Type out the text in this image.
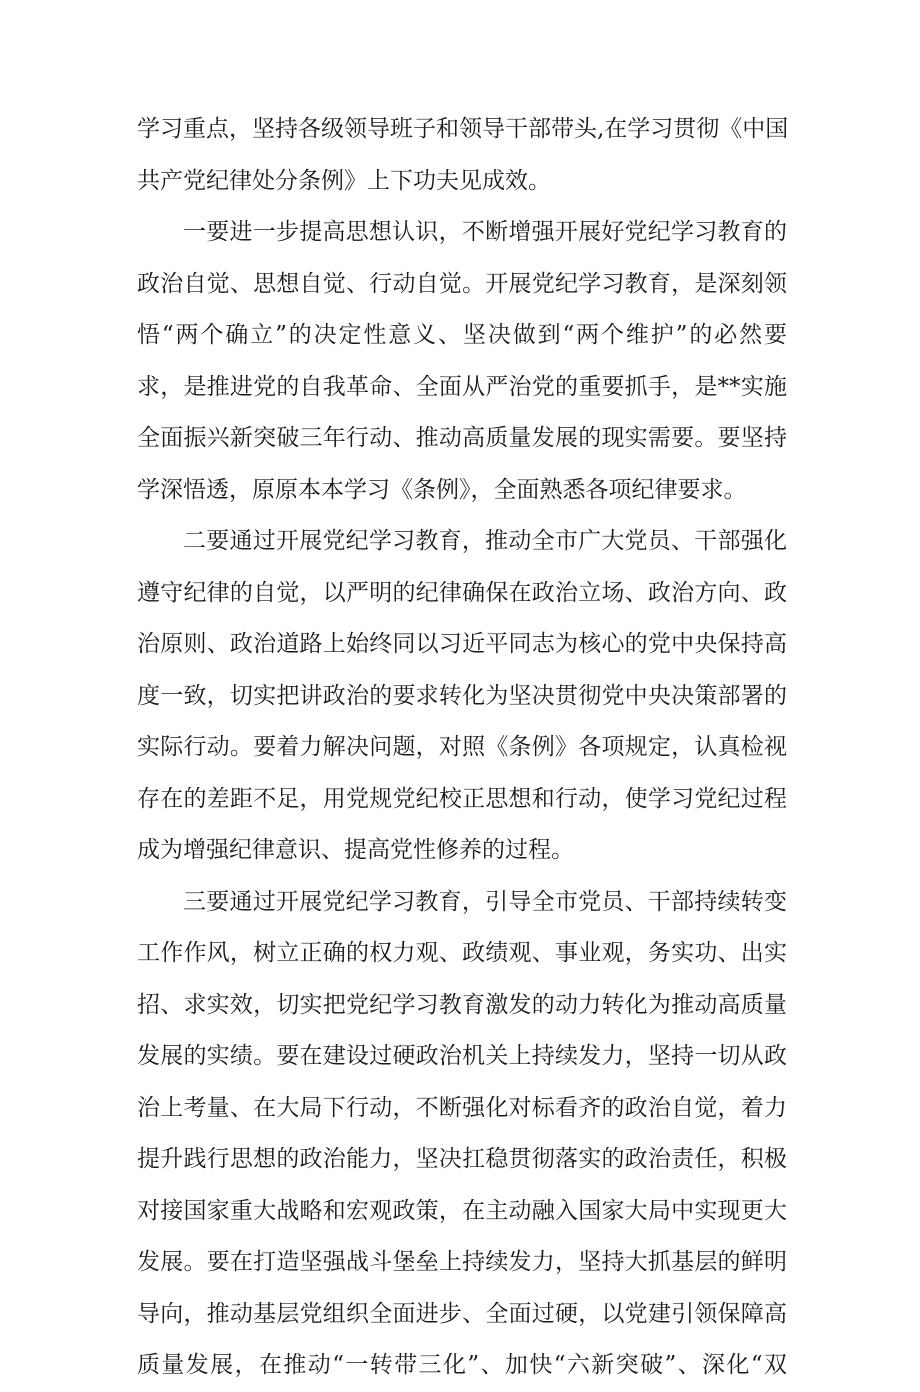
学习重点，坚持各级领导班子和领导干部带头,在学习贯彻《中国
共产党纪律处分条例》上下功夫见成效。
一要进一步提高思想认识，不断增强开展好党纪学习教育的
政治自觉、思想自觉、行动自觉。开展党纪学习教育，是深刻领
悟“两个确立”的决定性意义、坚决做到“两个维护”的必然要
求，是推进党的自我革命、全面从严治党的重要抓手，是**实施
全面振兴新突破三年行动、推动高质量发展的现实需要。要坚持
学深悟透，原原本本学习《条例》，全面熟悉各项纪律要求。
二要通过开展党纪学习教育，推动全市广大党员、干部强化
遵守纪律的自觉，以严明的纪律确保在政治立场、政治方向、政
治原则、政治道路上始终同以习近平同志为核心的党中央保持高
度一致，切实把讲政治的要求转化为坚决贯彻党中央决策部署的
实际行动。要着力解决问题，对照《条例》各项规定，认真检视
存在的差距不足，用党规党纪校正思想和行动，使学习党纪过程
成为增强纪律意识、提高党性修养的过程。
三要通过开展党纪学习教育，引导全市党员、干部持续转变
工作作风，树立正确的权力观、政绩观、事业观，务实功、出实
招、求实效，切实把党纪学习教育激发的动力转化为推动高质量
发展的实绩。要在建设过硬政治机关上持续发力，坚持一切从政
治上考量、在大局下行动，不断强化对标看齐的政治自觉，着力
提升践行思想的政治能力，坚决扛稳贯彻落实的政治责任，积极
对接国家重大战略和宏观政策，在主动融入国家大局中实现更大
发展。要在打造坚强战斗堡垒上持续发力，坚持大抓基层的鲜明
导向，推动基层党组织全面进步、全面过硬，以党建引领保障高
质量发展，在推动“一转带三化”、加快“六新突破”、深化“双
